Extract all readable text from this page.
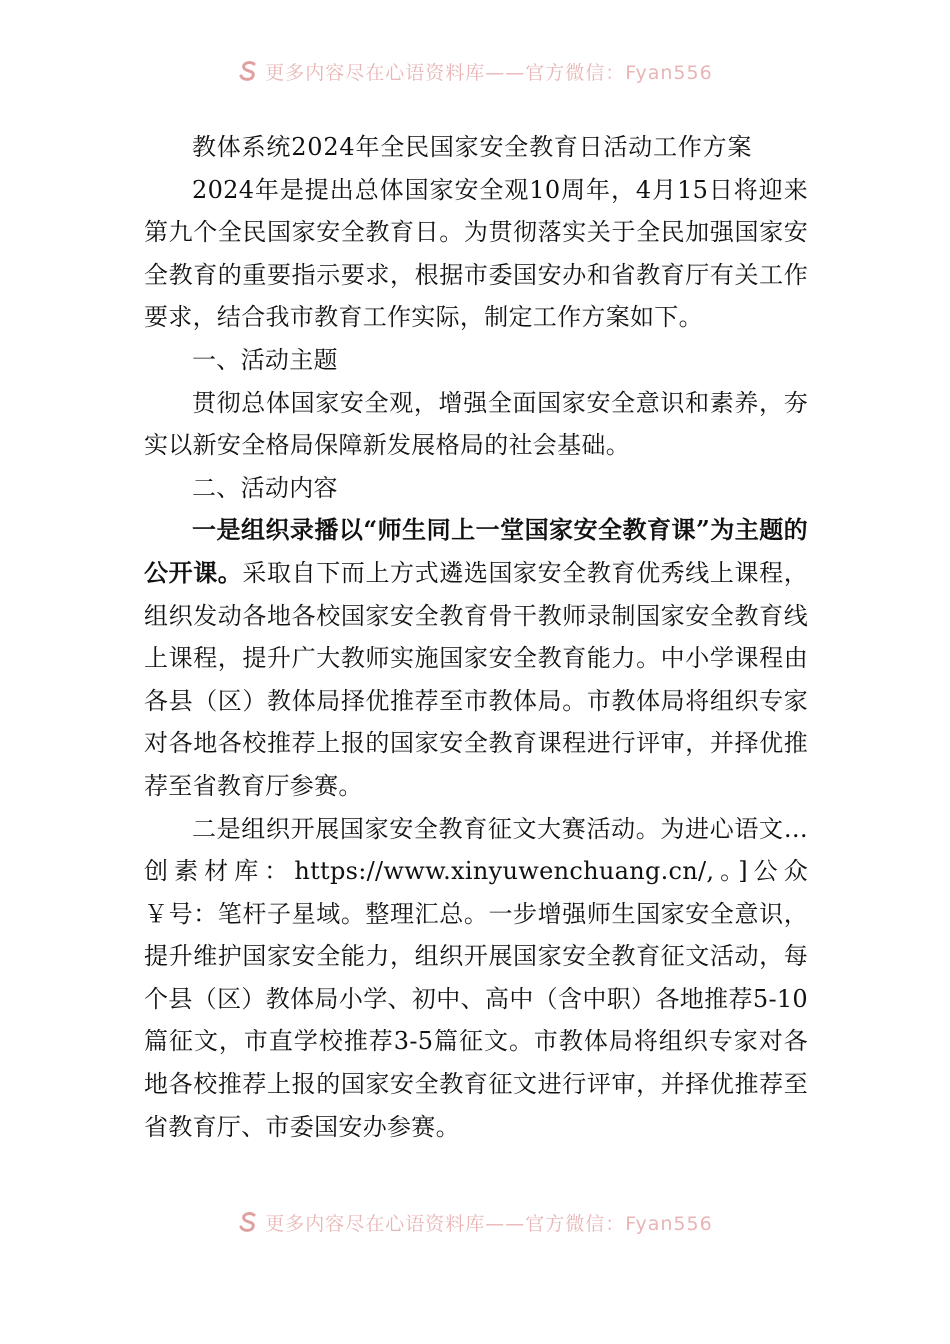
更多内容尽在心语资料库——官方微信：Fyan556
教体系统2024年全民国家安全教育日活动工作方案

2024年是提出总体国家安全观10周年，4月15日将迎来第九个全民国家安全教育日。为贯彻落实关于全民加强国家安全教育的重要指示要求，根据市委国安办和省教育厅有关工作要求，结合我市教育工作实际，制定工作方案如下。

一、活动主题

贯彻总体国家安全观，增强全面国家安全意识和素养，夯实以新安全格局保障新发展格局的社会基础。

二、活动内容

一是组织录播以“师生同上一堂国家安全教育课”为主题的公开课。采取自下而上方式遴选国家安全教育优秀线上课程，组织发动各地各校国家安全教育骨干教师录制国家安全教育线上课程，提升广大教师实施国家安全教育能力。中小学课程由各县（区）教体局择优推荐至市教体局。市教体局将组织专家对各地各校推荐上报的国家安全教育课程进行评审，并择优推荐至省教育厅参赛。

二是组织开展国家安全教育征文大赛活动。为进心语文…创素材库：https://www.xinyuwenchuang.cn/,。]公众￥号：笔杆子星域。整理汇总。一步增强师生国家安全意识，提升维护国家安全能力，组织开展国家安全教育征文活动，每个县（区）教体局小学、初中、高中（含中职）各地推荐5-10篇征文，市直学校推荐3-5篇征文。市教体局将组织专家对各地各校推荐上报的国家安全教育征文进行评审，并择优推荐至省教育厅、市委国安办参赛。

更多内容尽在心语资料库——官方微信：Fyan556
